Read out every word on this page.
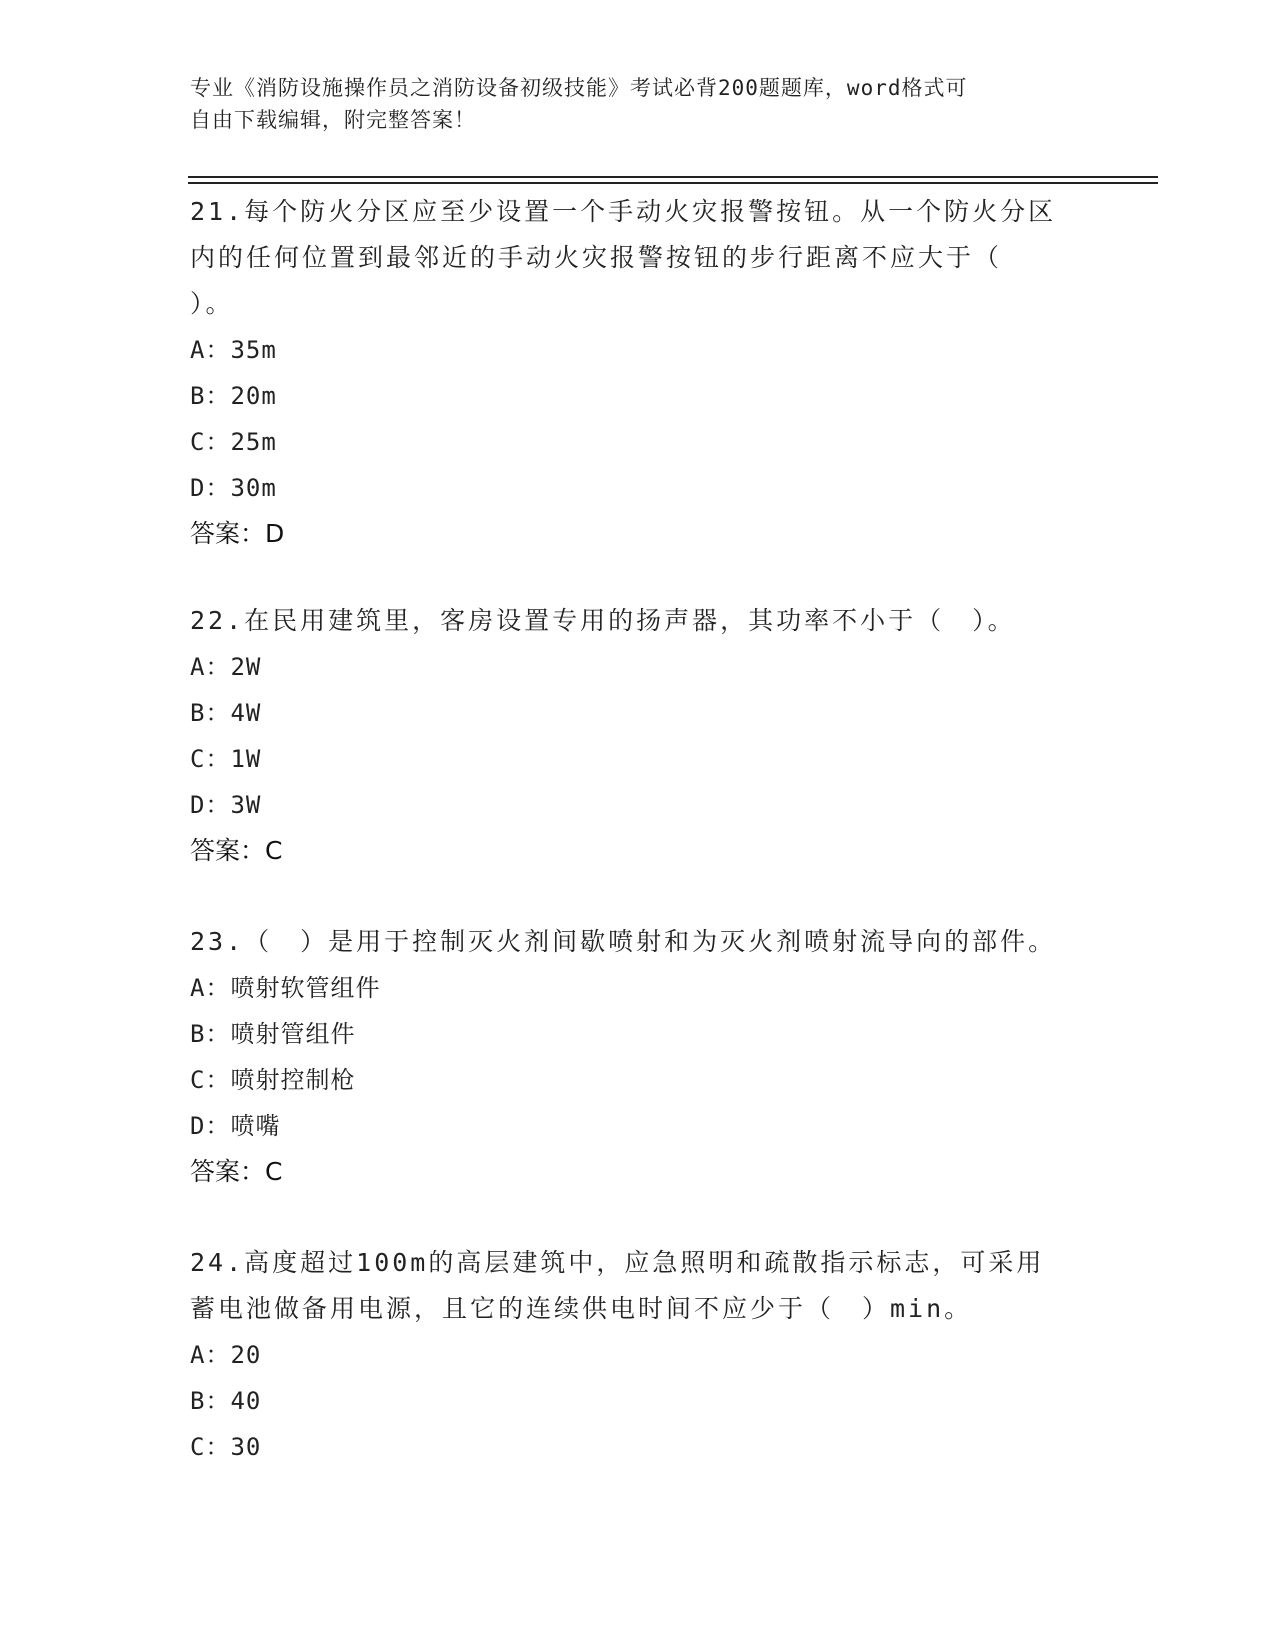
专业《消防设施操作员之消防设备初级技能》考试必背200题题库，word格式可
自由下载编辑，附完整答案！
21.每个防火分区应至少设置一个手动火灾报警按钮。从一个防火分区
内的任何位置到最邻近的手动火灾报警按钮的步行距离不应大于（
）。
A：35m
B：20m
C：25m
D：30m
答案：D
22.在民用建筑里，客房设置专用的扬声器，其功率不小于（　）。
A：2W
B：4W
C：1W
D：3W
答案：C
23.（　）是用于控制灭火剂间歇喷射和为灭火剂喷射流导向的部件。
A：喷射软管组件
B：喷射管组件
C：喷射控制枪
D：喷嘴
答案：C
24.高度超过100m的高层建筑中，应急照明和疏散指示标志，可采用
蓄电池做备用电源，且它的连续供电时间不应少于（　）min。
A：20
B：40
C：30
